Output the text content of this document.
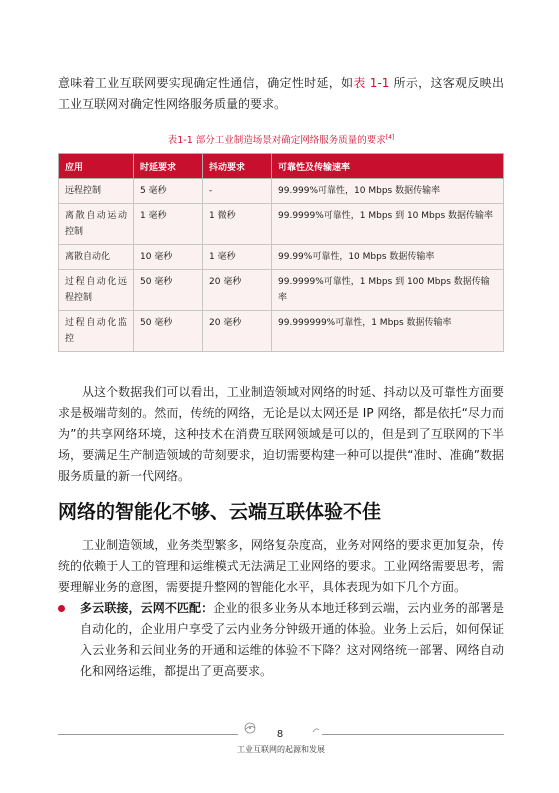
意味着工业互联网要实现确定性通信，确定性时延，如表 1-1 所示，这客观反映出工业互联网对确定性网络服务质量的要求。

表1-1 部分工业制造场景对确定网络服务质量的要求[4]

应用	时延要求	抖动要求	可靠性及传输速率
远程控制	5 毫秒	-	99.999%可靠性，10 Mbps 数据传输率
离散自动运动控制	1 毫秒	1 微秒	99.9999%可靠性，1 Mbps 到 10 Mbps 数据传输率
离散自动化	10 毫秒	1 毫秒	99.99%可靠性，10 Mbps 数据传输率
过程自动化远程控制	50 毫秒	20 毫秒	99.9999%可靠性，1 Mbps 到 100 Mbps 数据传输率
过程自动化监控	50 毫秒	20 毫秒	99.999999%可靠性，1 Mbps 数据传输率

从这个数据我们可以看出，工业制造领域对网络的时延、抖动以及可靠性方面要求是极端苛刻的。然而，传统的网络，无论是以太网还是 IP 网络，都是依托“尽力而为”的共享网络环境，这种技术在消费互联网领域是可以的，但是到了互联网的下半场，要满足生产制造领域的苛刻要求，迫切需要构建一种可以提供“准时、准确”数据服务质量的新一代网络。

网络的智能化不够、云端互联体验不佳

工业制造领域，业务类型繁多，网络复杂度高，业务对网络的要求更加复杂，传统的依赖于人工的管理和运维模式无法满足工业网络的要求。工业网络需要思考，需要理解业务的意图，需要提升整网的智能化水平，具体表现为如下几个方面。

多云联接，云网不匹配：企业的很多业务从本地迁移到云端，云内业务的部署是自动化的，企业用户享受了云内业务分钟级开通的体验。业务上云后，如何保证入云业务和云间业务的开通和运维的体验不下降？这对网络统一部署、网络自动化和网络运维，都提出了更高要求。
8
工业互联网的起源和发展
